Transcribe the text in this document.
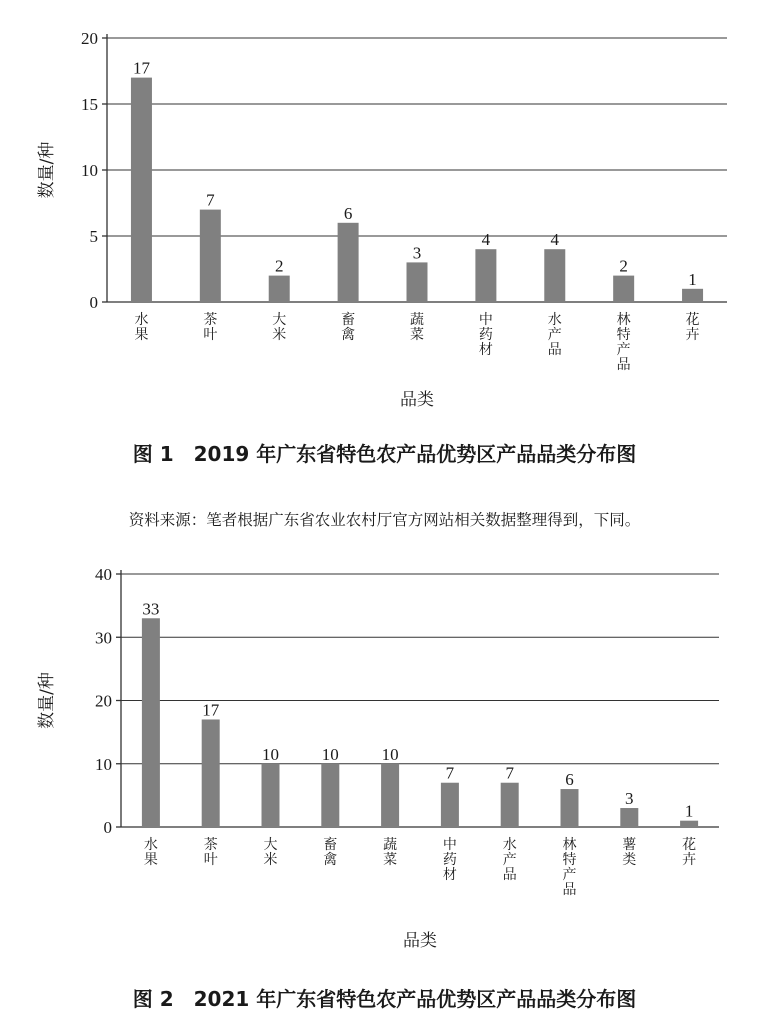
0
5
10
15
20
17
水果
7
茶叶
2
大米
6
畜禽
3
蔬菜
4
中药材
4
水产品
2
林特产品
1
花卉
数量/种
品类
图 1　2019 年广东省特色农产品优势区产品品类分布图
资料来源：笔者根据广东省农业农村厅官方网站相关数据整理得到，下同。
0
10
20
30
40
33
水果
17
茶叶
10
大米
10
畜禽
10
蔬菜
7
中药材
7
水产品
6
林特产品
3
薯类
1
花卉
数量/种
品类
图 2　2021 年广东省特色农产品优势区产品品类分布图
